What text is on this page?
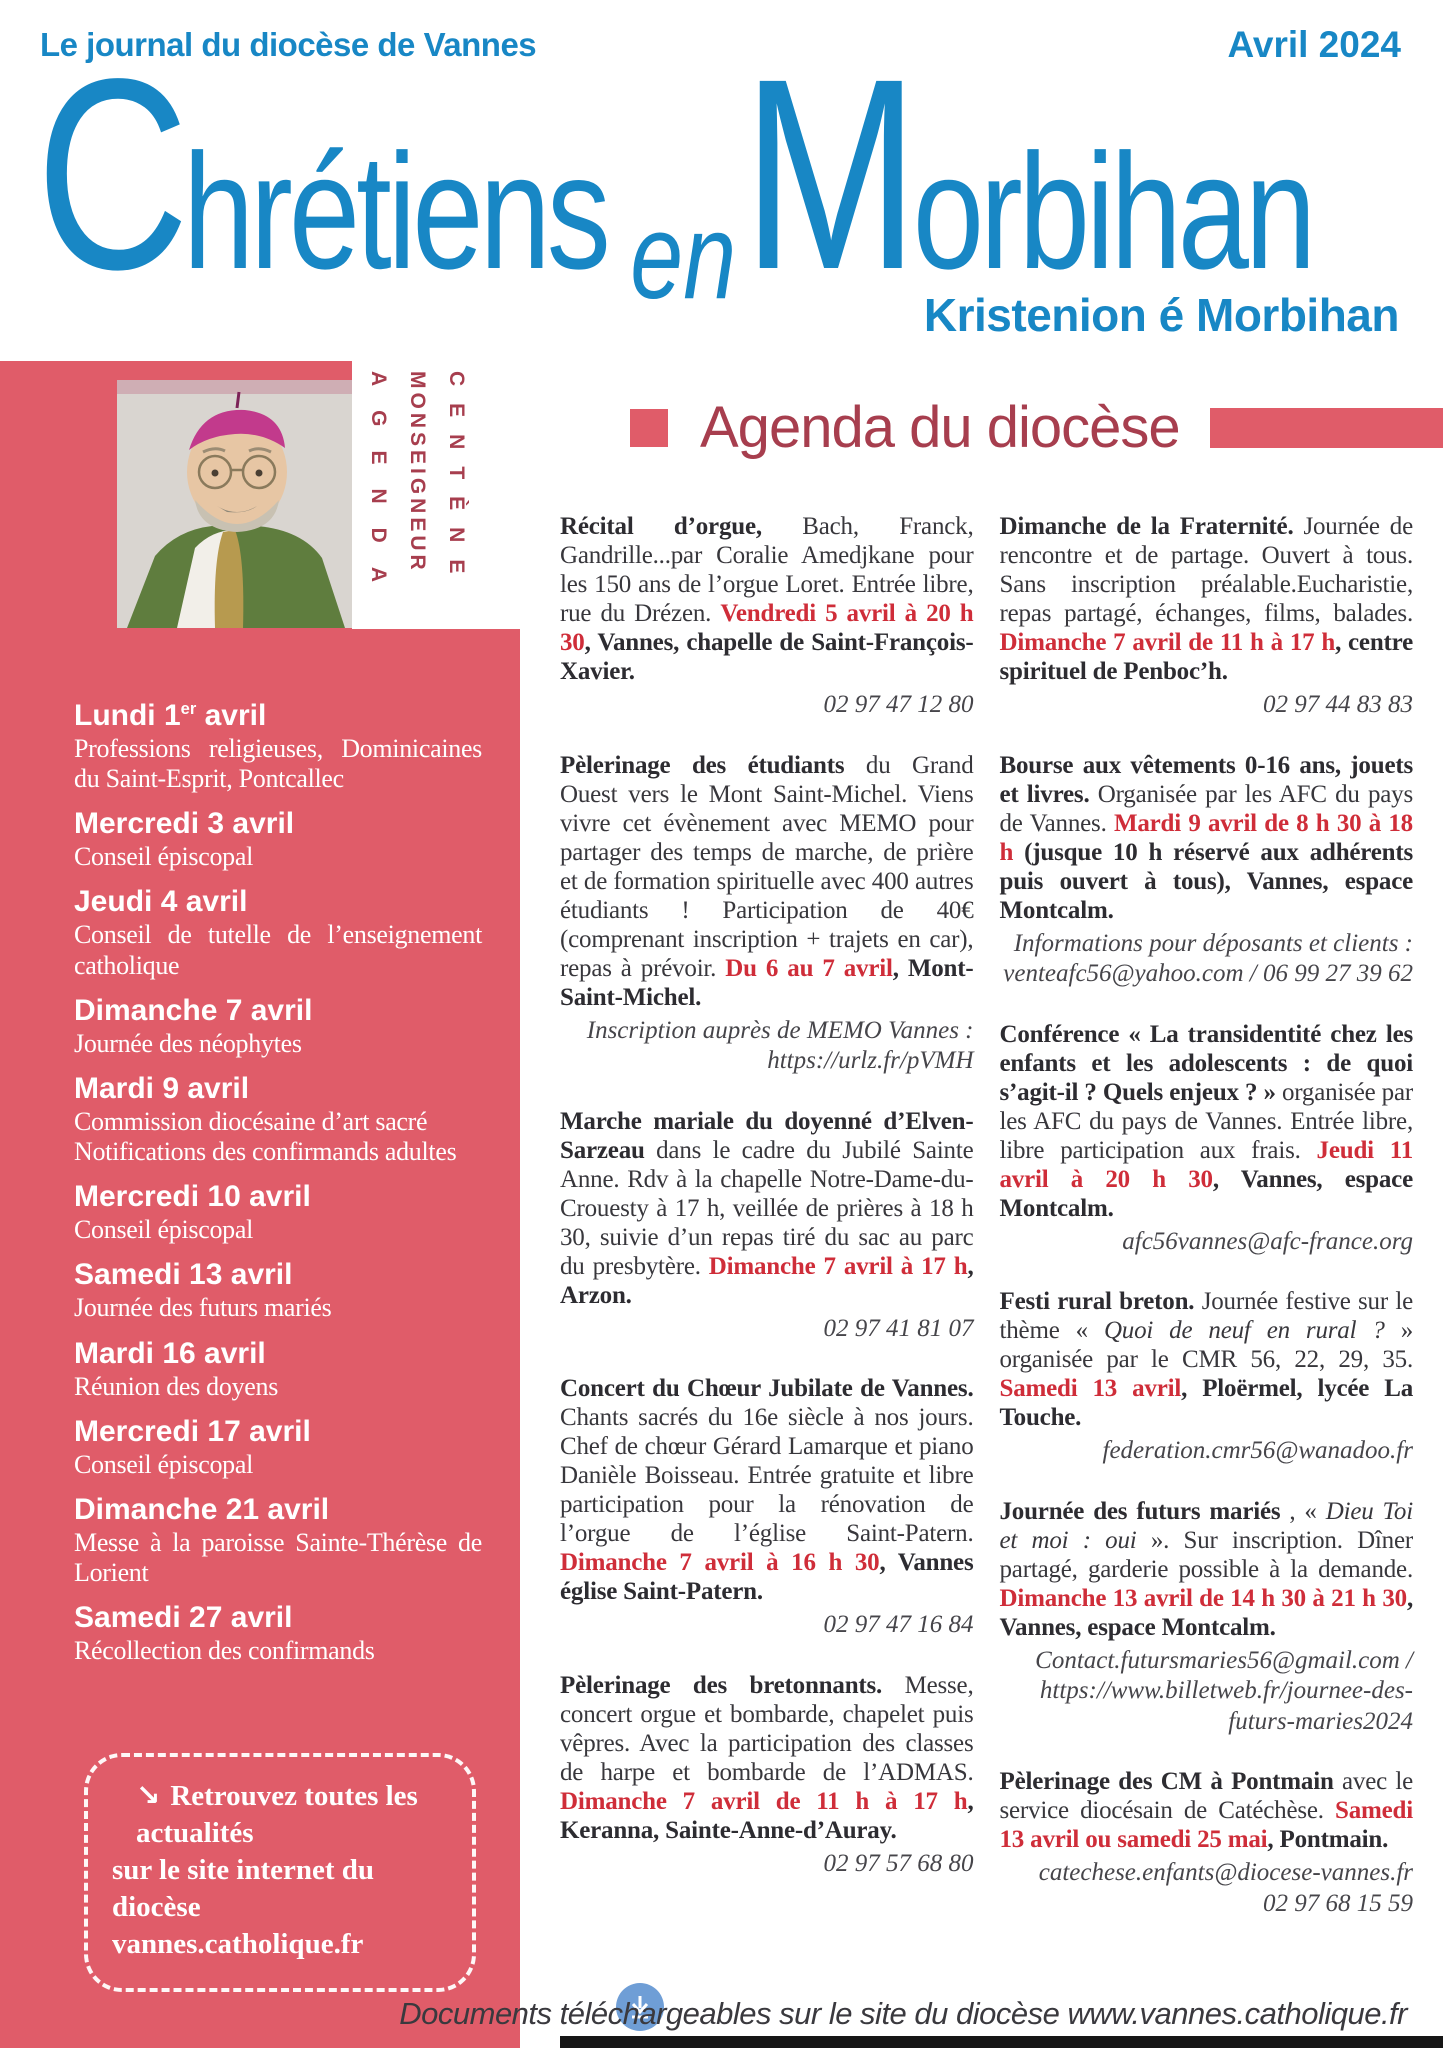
Le journal du diocèse de Vannes	Avril 2024
Chrétiens enMorbihan
Kristenion é Morbihan
AGENDA MONSEIGNEUR CENTÈNE
Lundi 1er avril
Professions religieuses, Dominicaines du Saint-Esprit, Pontcallec
Mercredi 3 avril
Conseil épiscopal
Jeudi 4 avril
Conseil de tutelle de l’enseignement catholique
Dimanche 7 avril
Journée des néophytes
Mardi 9 avril
Commission diocésaine d’art sacré
Notifications des confirmands adultes
Mercredi 10 avril
Conseil épiscopal
Samedi 13 avril
Journée des futurs mariés
Mardi 16 avril
Réunion des doyens
Mercredi 17 avril
Conseil épiscopal
Dimanche 21 avril
Messe à la paroisse Sainte-Thérèse de Lorient
Samedi 27 avril
Récollection des confirmands
↘ Retrouvez toutes les actualités
sur le site internet du diocèse
vannes.catholique.fr
Agenda du diocèse

Récital d’orgue, Bach, Franck, Gandrille...par Coralie Amedjkane pour les 150 ans de l’orgue Loret. Entrée libre, rue du Drézen. Vendredi 5 avril à 20 h 30, Vannes, chapelle de Saint-François-Xavier.

02 97 47 12 80

Pèlerinage des étudiants du Grand Ouest vers le Mont Saint-Michel. Viens vivre cet évènement avec MEMO pour partager des temps de marche, de prière et de formation spirituelle avec 400 autres étudiants ! Participation de 40€ (comprenant inscription + trajets en car), repas à prévoir. Du 6 au 7 avril, Mont-Saint-Michel.

Inscription auprès de MEMO Vannes :
https://urlz.fr/pVMH

Marche mariale du doyenné d’Elven-Sarzeau dans le cadre du Jubilé Sainte Anne. Rdv à la chapelle Notre-Dame-du-Crouesty à 17 h, veillée de prières à 18 h 30, suivie d’un repas tiré du sac au parc du presbytère. Dimanche 7 avril à 17 h, Arzon.

02 97 41 81 07

Concert du Chœur Jubilate de Vannes. Chants sacrés du 16e siècle à nos jours. Chef de chœur Gérard Lamarque et piano Danièle Boisseau. Entrée gratuite et libre participation pour la rénovation de l’orgue de l’église Saint-Patern. Dimanche 7 avril à 16 h 30, Vannes église Saint-Patern.

02 97 47 16 84

Pèlerinage des bretonnants. Messe, concert orgue et bombarde, chapelet puis vêpres. Avec la participation des classes de harpe et bombarde de l’ADMAS. Dimanche 7 avril de 11 h à 17 h, Keranna, Sainte-Anne-d’Auray.

02 97 57 68 80

Dimanche de la Fraternité. Journée de rencontre et de partage. Ouvert à tous. Sans inscription préalable.Eucharistie, repas partagé, échanges, films, balades. Dimanche 7 avril de 11 h à 17 h, centre spirituel de Penboc’h.

02 97 44 83 83

Bourse aux vêtements 0-16 ans, jouets et livres. Organisée par les AFC du pays de Vannes. Mardi 9 avril de 8 h 30 à 18 h (jusque 10 h réservé aux adhérents puis ouvert à tous), Vannes, espace Montcalm.

Informations pour déposants et clients :
venteafc56@yahoo.com / 06 99 27 39 62

Conférence « La transidentité chez les enfants et les adolescents : de quoi s’agit-il ? Quels enjeux ? » organisée par les AFC du pays de Vannes. Entrée libre, libre participation aux frais. Jeudi 11 avril à 20 h 30, Vannes, espace Montcalm.

afc56vannes@afc-france.org

Festi rural breton. Journée festive sur le thème « Quoi de neuf en rural ? » organisée par le CMR 56, 22, 29, 35. Samedi 13 avril, Ploërmel, lycée La Touche.

federation.cmr56@wanadoo.fr

Journée des futurs mariés , « Dieu Toi et moi : oui ». Sur inscription. Dîner partagé, garderie possible à la demande. Dimanche 13 avril de 14 h 30 à 21 h 30, Vannes, espace Montcalm.

Contact.futursmaries56@gmail.com / https://www.billetweb.fr/journee-des-futurs-maries2024

Pèlerinage des CM à Pontmain avec le service diocésain de Catéchèse. Samedi 13 avril ou samedi 25 mai, Pontmain.

catechese.enfants@diocese-vannes.fr
02 97 68 15 59
Documents téléchargeables sur le site du diocèse www.vannes.catholique.fr
